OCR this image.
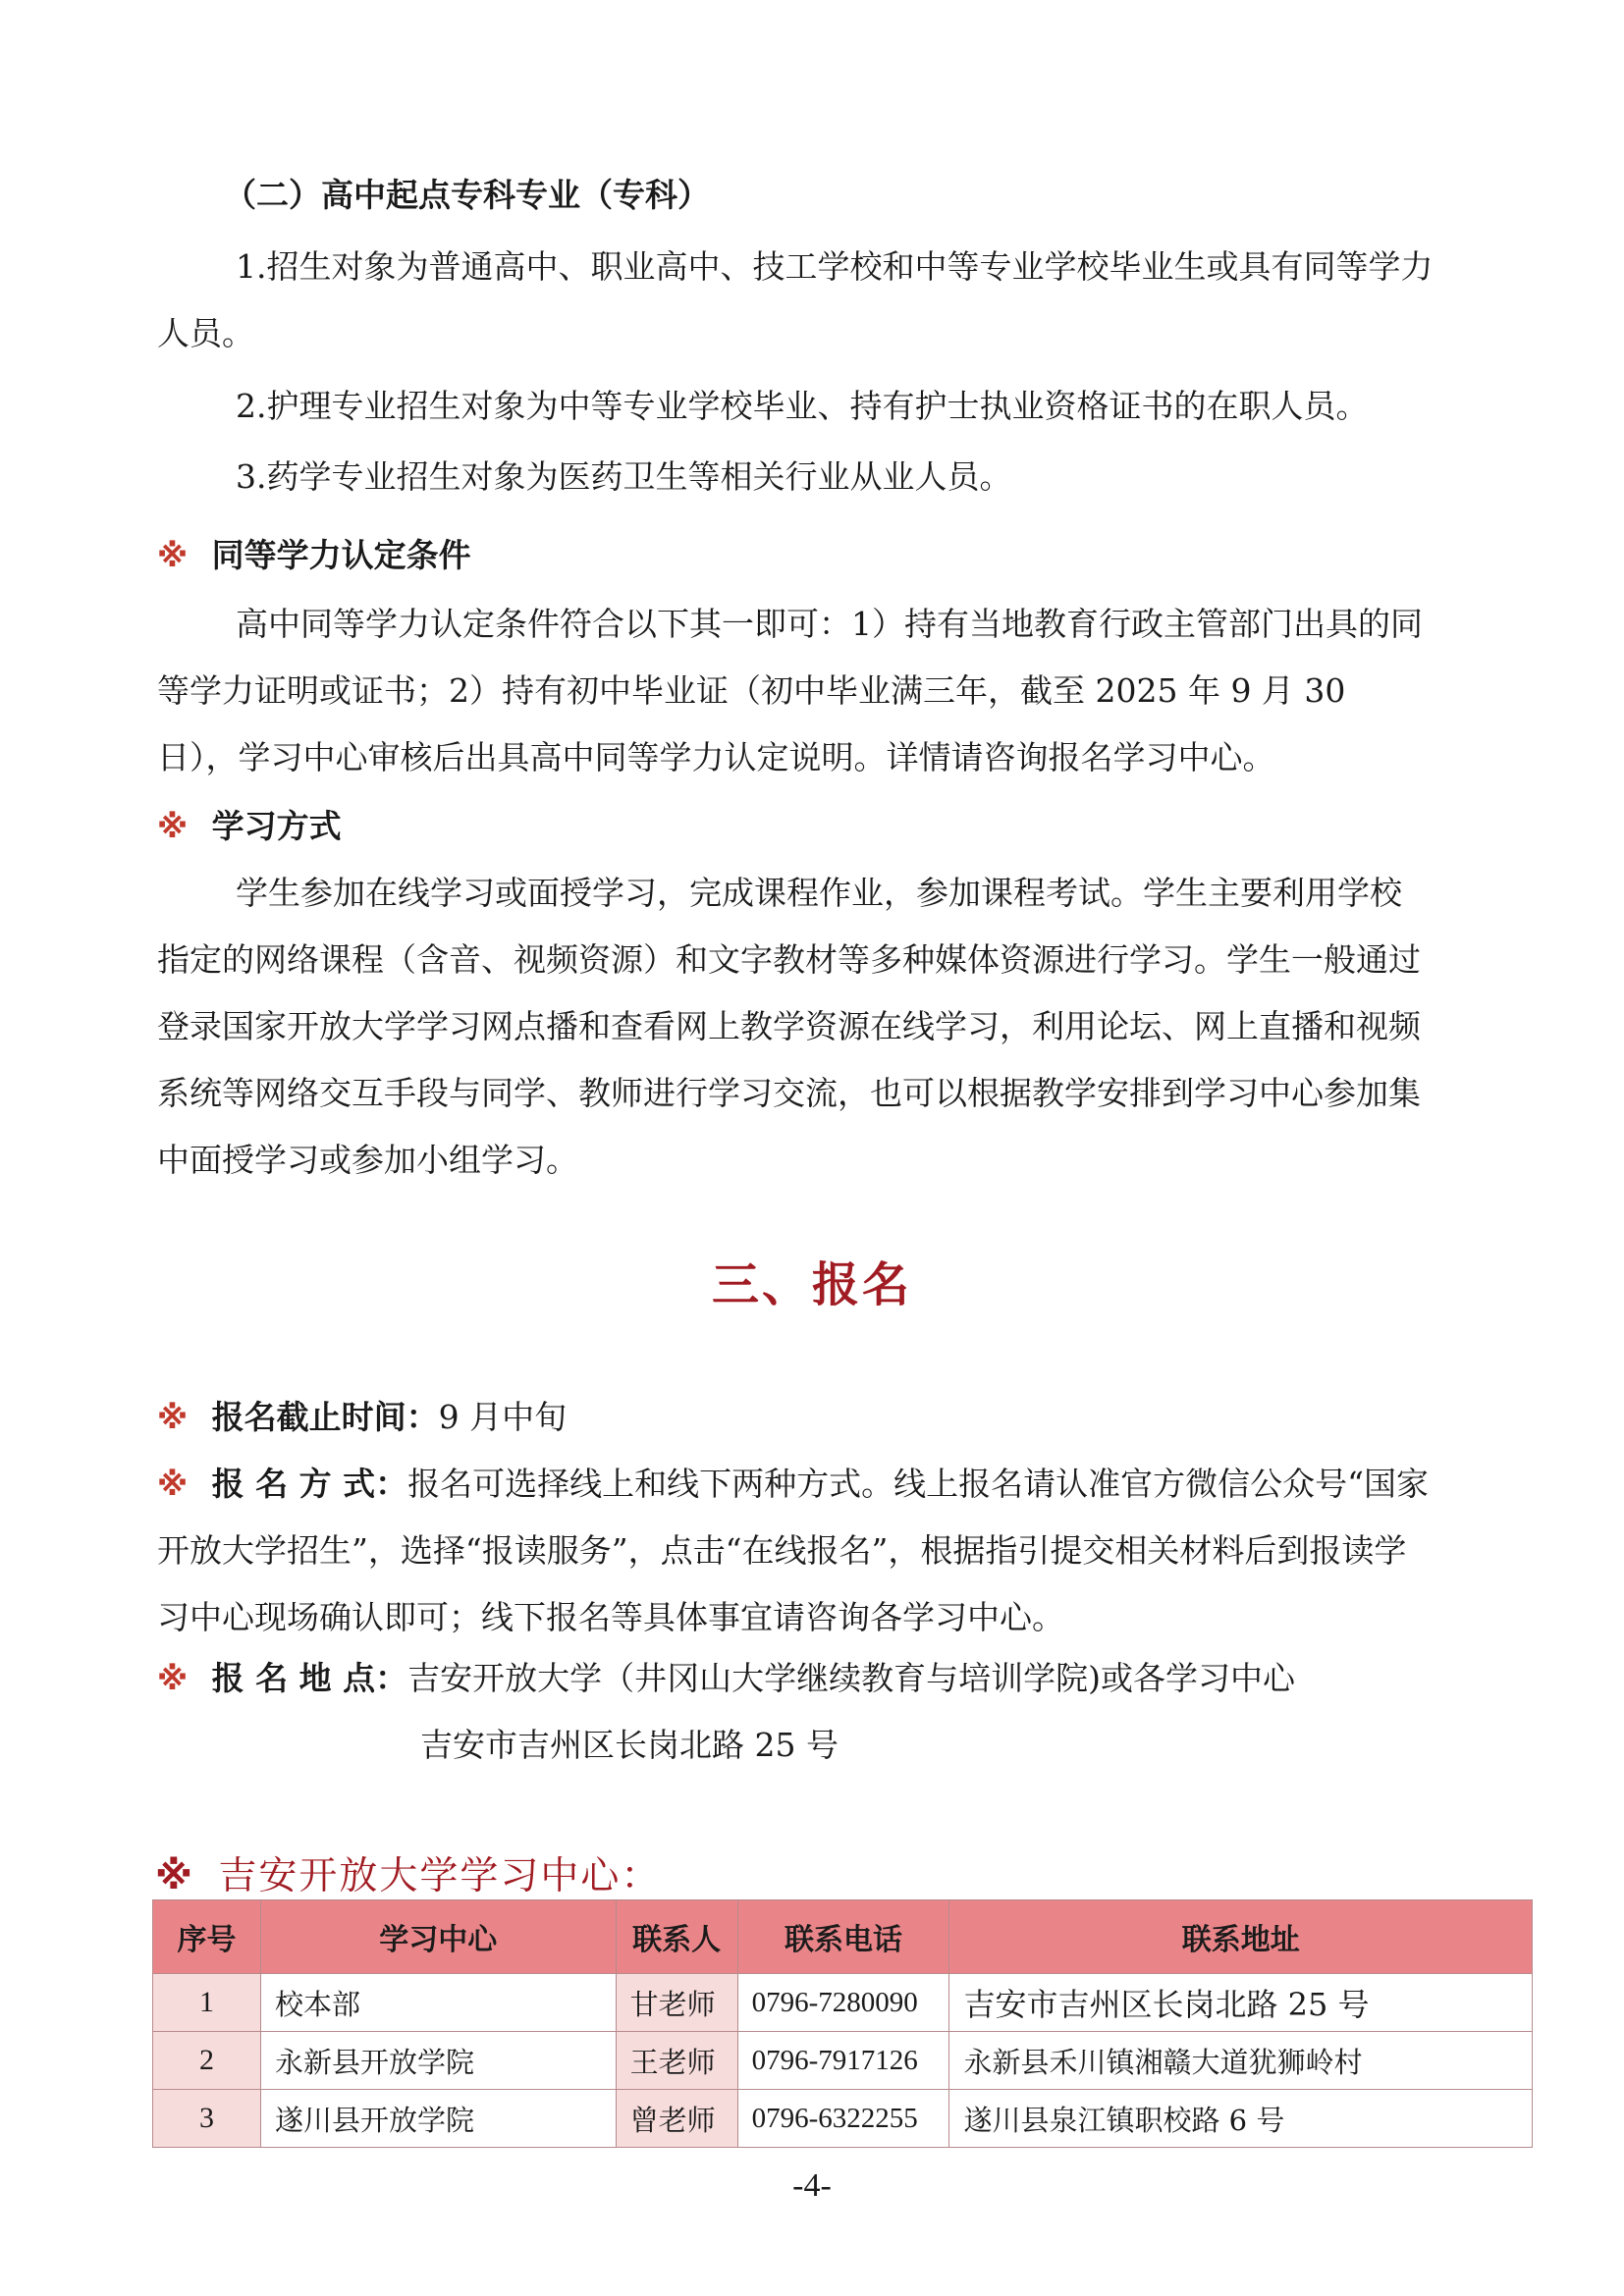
（二）高中起点专科专业（专科）
1.招生对象为普通高中、职业高中、技工学校和中等专业学校毕业生或具有同等学力人员。
2.护理专业招生对象为中等专业学校毕业、持有护士执业资格证书的在职人员。
3.药学专业招生对象为医药卫生等相关行业从业人员。
※ 同等学力认定条件
高中同等学力认定条件符合以下其一即可：1）持有当地教育行政主管部门出具的同等学力证明或证书；2）持有初中毕业证（初中毕业满三年，截至 2025 年 9 月 30 日），学习中心审核后出具高中同等学力认定说明。详情请咨询报名学习中心。
※ 学习方式
学生参加在线学习或面授学习，完成课程作业，参加课程考试。学生主要利用学校指定的网络课程（含音、视频资源）和文字教材等多种媒体资源进行学习。学生一般通过登录国家开放大学学习网点播和查看网上教学资源在线学习，利用论坛、网上直播和视频系统等网络交互手段与同学、教师进行学习交流，也可以根据教学安排到学习中心参加集中面授学习或参加小组学习。
三、报名
※ 报名截止时间：9 月中旬
※ 报 名 方 式：报名可选择线上和线下两种方式。线上报名请认准官方微信公众号“国家开放大学招生”，选择“报读服务”，点击“在线报名”，根据指引提交相关材料后到报读学习中心现场确认即可；线下报名等具体事宜请咨询各学习中心。
※ 报 名 地 点：吉安开放大学（井冈山大学继续教育与培训学院)或各学习中心
吉安市吉州区长岗北路 25 号
※ 吉安开放大学学习中心：
序号	学习中心	联系人	联系电话	联系地址
1	校本部	甘老师	0796-7280090	吉安市吉州区长岗北路 25 号
2	永新县开放学院	王老师	0796-7917126	永新县禾川镇湘赣大道犹狮岭村
3	遂川县开放学院	曾老师	0796-6322255	遂川县泉江镇职校路 6 号
-4-
